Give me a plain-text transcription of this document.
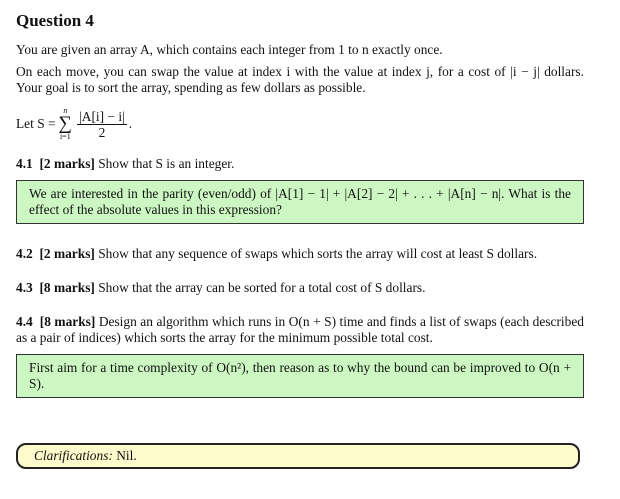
Question 4

You are given an array A, which contains each integer from 1 to n exactly once.

On each move, you can swap the value at index i with the value at index j, for a cost of |i − j| dollars. Your goal is to sort the array, spending as few dollars as possible.

Let S =
n
∑
$i=1 \frac{|A[i] - i|}{2}$ .
4.1 [2 marks] Show that S is an integer.
We are interested in the parity (even/odd) of |A[1] − 1| + |A[2] − 2| + . . . + |A[n] − n|. What is the effect of the absolute values in this expression?
4.2 [2 marks] Show that any sequence of swaps which sorts the array will cost at least S dollars.
4.3 [8 marks] Show that the array can be sorted for a total cost of S dollars.
4.4 [8 marks] Design an algorithm which runs in O(n + S) time and finds a list of swaps (each described as a pair of indices) which sorts the array for the minimum possible total cost.
First aim for a time complexity of O(n²), then reason as to why the bound can be improved to O(n + S).
Clarifications: Nil.
